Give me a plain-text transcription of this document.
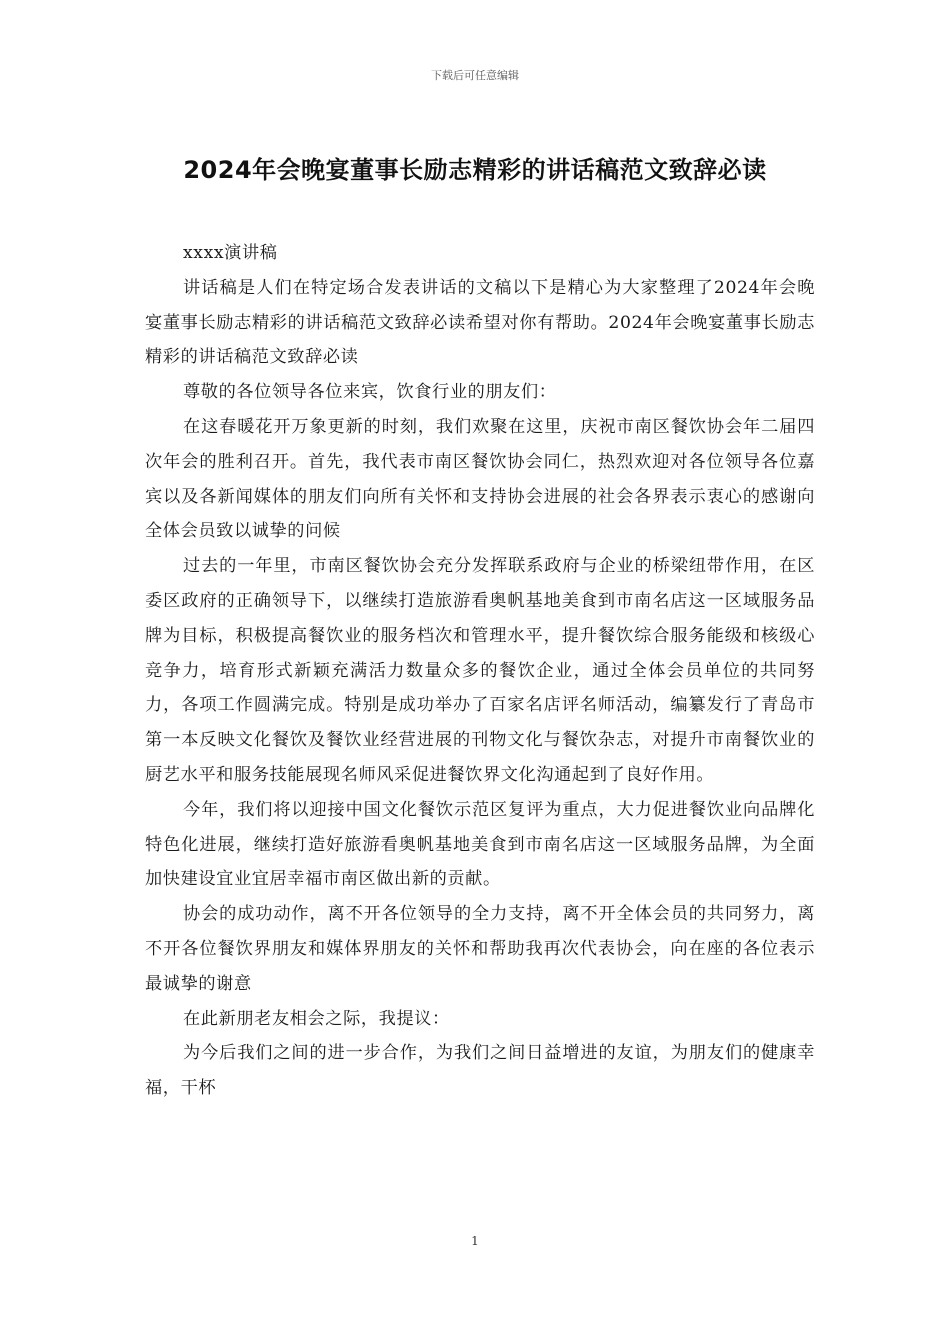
下载后可任意编辑
2024年会晚宴董事长励志精彩的讲话稿范文致辞必读

xxxx演讲稿

讲话稿是人们在特定场合发表讲话的文稿以下是精心为大家整理了2024年会晚宴董事长励志精彩的讲话稿范文致辞必读希望对你有帮助。2024年会晚宴董事长励志精彩的讲话稿范文致辞必读

尊敬的各位领导各位来宾，饮食行业的朋友们：

在这春暖花开万象更新的时刻，我们欢聚在这里，庆祝市南区餐饮协会年二届四次年会的胜利召开。首先，我代表市南区餐饮协会同仁，热烈欢迎对各位领导各位嘉宾以及各新闻媒体的朋友们向所有关怀和支持协会进展的社会各界表示衷心的感谢向全体会员致以诚挚的问候

过去的一年里，市南区餐饮协会充分发挥联系政府与企业的桥梁纽带作用，在区委区政府的正确领导下，以继续打造旅游看奥帆基地美食到市南名店这一区域服务品牌为目标，积极提高餐饮业的服务档次和管理水平，提升餐饮综合服务能级和核级心竞争力，培育形式新颖充满活力数量众多的餐饮企业，通过全体会员单位的共同努力，各项工作圆满完成。特别是成功举办了百家名店评名师活动，编纂发行了青岛市第一本反映文化餐饮及餐饮业经营进展的刊物文化与餐饮杂志，对提升市南餐饮业的厨艺水平和服务技能展现名师风采促进餐饮界文化沟通起到了良好作用。

今年，我们将以迎接中国文化餐饮示范区复评为重点，大力促进餐饮业向品牌化特色化进展，继续打造好旅游看奥帆基地美食到市南名店这一区域服务品牌，为全面加快建设宜业宜居幸福市南区做出新的贡献。

协会的成功动作，离不开各位领导的全力支持，离不开全体会员的共同努力，离不开各位餐饮界朋友和媒体界朋友的关怀和帮助我再次代表协会，向在座的各位表示最诚挚的谢意

在此新朋老友相会之际，我提议：

为今后我们之间的进一步合作，为我们之间日益增进的友谊，为朋友们的健康幸福，干杯

1
